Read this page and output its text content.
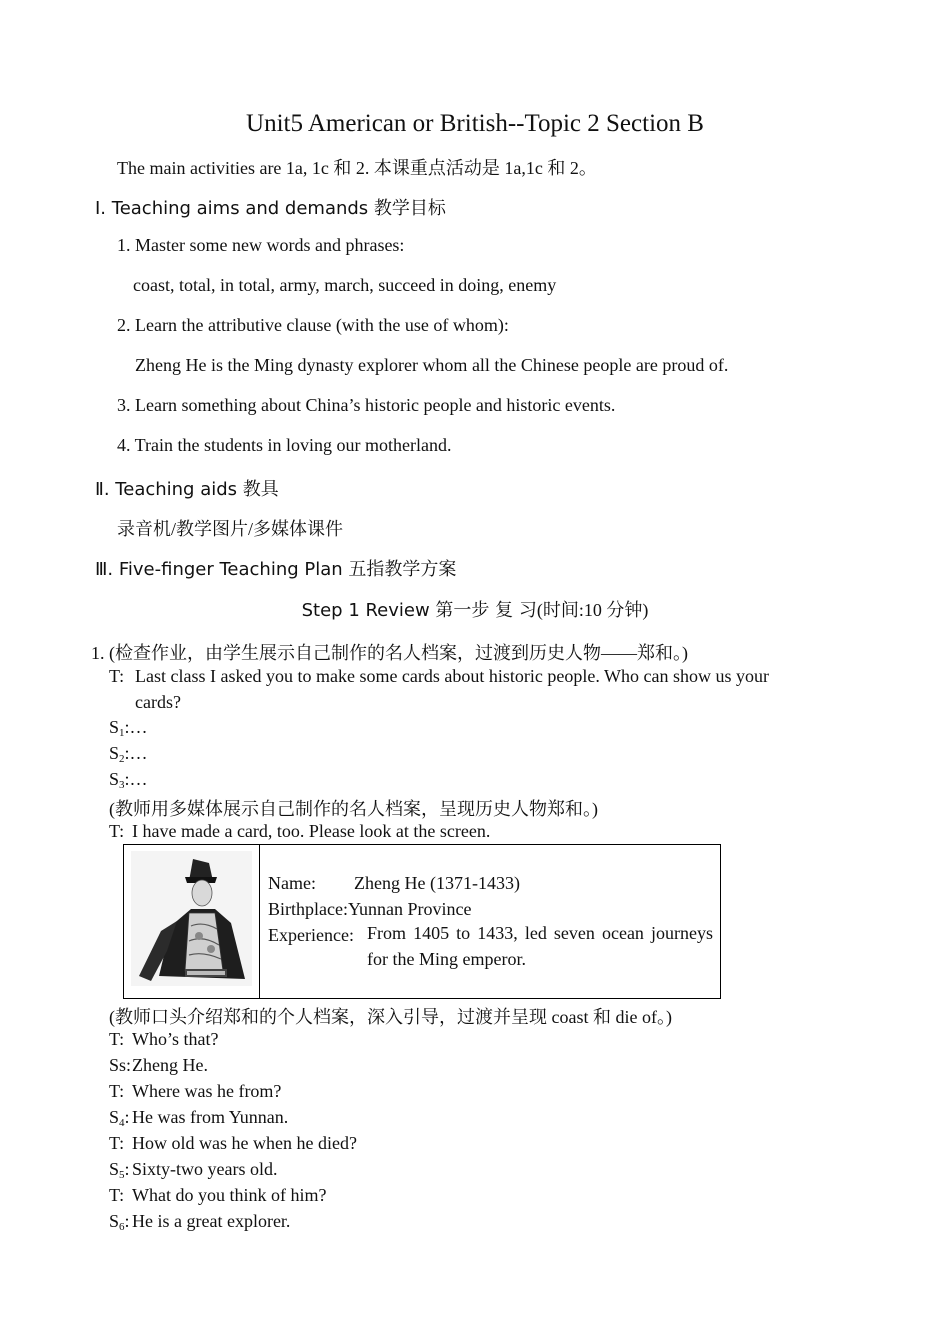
Unit5 American or British--Topic 2 Section B
The main activities are 1a, 1c 和 2. 本课重点活动是 1a,1c 和 2。
Ⅰ. Teaching aims and demands 教学目标
1. Master some new words and phrases:
coast, total, in total, army, march, succeed in doing, enemy
2. Learn the attributive clause (with the use of whom):
Zheng He is the Ming dynasty explorer whom all the Chinese people are proud of.
3. Learn something about China’s historic people and historic events.
4. Train the students in loving our motherland.
Ⅱ. Teaching aids 教具
录音机/教学图片/多媒体课件
Ⅲ. Five-finger Teaching Plan 五指教学方案
Step 1 Review 第一步 复 习(时间:10 分钟)
1. (检查作业，由学生展示自己制作的名人档案，过渡到历史人物——郑和。)
T: Last class I asked you to make some cards about historic people. Who can show us your
cards?
$S_1:\dots$
$S_2:\dots$
$S_3:\dots$
(教师用多媒体展示自己制作的名人档案，呈现历史人物郑和。)
T: I have made a card, too. Please look at the screen.
Name: Zheng He (1371-1433)
Birthplace:Yunnan Province
Experience: From 1405 to 1433, led seven ocean journeys for the Ming emperor.
(教师口头介绍郑和的个人档案，深入引导，过渡并呈现 coast 和 die of。)
T: Who’s that?
Ss:Zheng He.
T: Where was he from?
$S_4$: He was from Yunnan.
T: How old was he when he died?
$S_5$: Sixty-two years old.
T: What do you think of him?
$S_6$: He is a great explorer.
